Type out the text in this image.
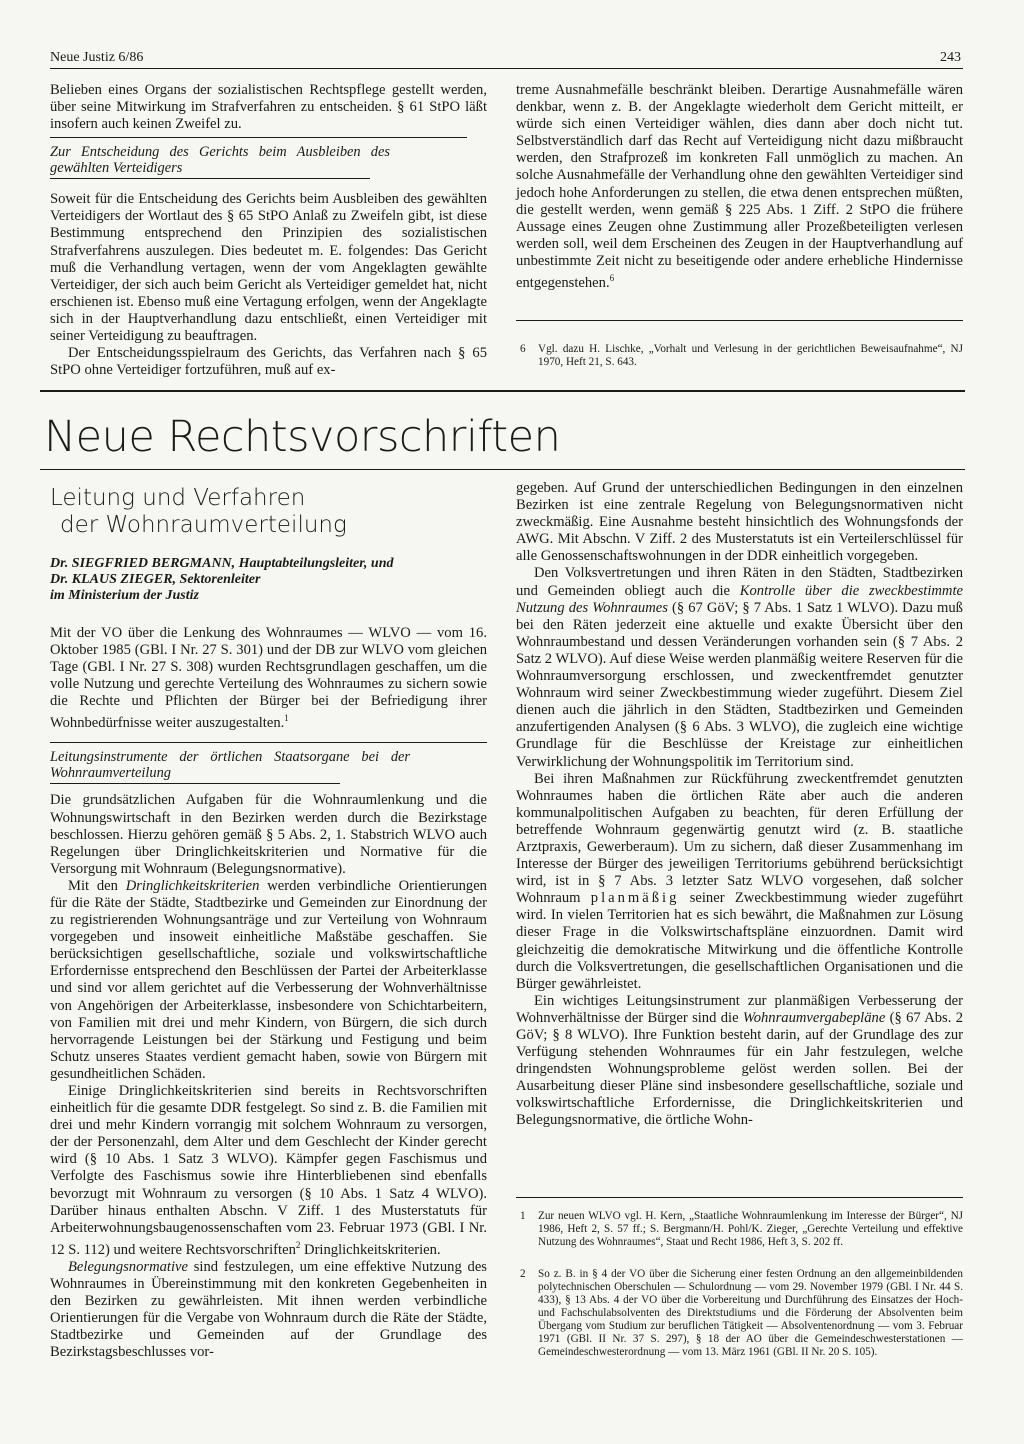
Neue Justiz 6/86	243

Belieben eines Organs der sozialistischen Rechtspflege gestellt werden, über seine Mitwirkung im Strafverfahren zu entscheiden. § 61 StPO läßt insofern auch keinen Zweifel zu.

Zur Entscheidung des Gerichts beim Ausbleiben des gewählten Verteidigers

Soweit für die Entscheidung des Gerichts beim Ausbleiben des gewählten Verteidigers der Wortlaut des § 65 StPO Anlaß zu Zweifeln gibt, ist diese Bestimmung entsprechend den Prinzipien des sozialistischen Strafverfahrens auszulegen. Dies bedeutet m. E. folgendes: Das Gericht muß die Verhandlung vertagen, wenn der vom Angeklagten gewählte Verteidiger, der sich auch beim Gericht als Verteidiger gemeldet hat, nicht erschienen ist. Ebenso muß eine Vertagung erfolgen, wenn der Angeklagte sich in der Hauptverhandlung dazu entschließt, einen Verteidiger mit seiner Verteidigung zu beauftragen.

Der Entscheidungsspielraum des Gerichts, das Verfahren nach § 65 StPO ohne Verteidiger fortzuführen, muß auf ex-

treme Ausnahmefälle beschränkt bleiben. Derartige Ausnahmefälle wären denkbar, wenn z. B. der Angeklagte wiederholt dem Gericht mitteilt, er würde sich einen Verteidiger wählen, dies dann aber doch nicht tut. Selbstverständlich darf das Recht auf Verteidigung nicht dazu mißbraucht werden, den Strafprozeß im konkreten Fall unmöglich zu machen. An solche Ausnahmefälle der Verhandlung ohne den gewählten Verteidiger sind jedoch hohe Anforderungen zu stellen, die etwa denen entsprechen müßten, die gestellt werden, wenn gemäß § 225 Abs. 1 Ziff. 2 StPO die frühere Aussage eines Zeugen ohne Zustimmung aller Prozeßbeteiligten verlesen werden soll, weil dem Erscheinen des Zeugen in der Hauptverhandlung auf unbestimmte Zeit nicht zu beseitigende oder andere erhebliche Hindernisse entgegenstehen.$^6$

6	Vgl. dazu H. Lischke, „Vorhalt und Verlesung in der gerichtlichen Beweisaufnahme“, NJ 1970, Heft 21, S. 643.
Neue Rechtsvorschriften
Leitung und Verfahren
der Wohnraumverteilung
Dr. SIEGFRIED BERGMANN, Hauptabteilungsleiter, und
Dr. KLAUS ZIEGER, Sektorenleiter
im Ministerium der Justiz

Mit der VO über die Lenkung des Wohnraumes — WLVO — vom 16. Oktober 1985 (GBl. I Nr. 27 S. 301) und der DB zur WLVO vom gleichen Tage (GBl. I Nr. 27 S. 308) wurden Rechtsgrundlagen geschaffen, um die volle Nutzung und gerechte Verteilung des Wohnraumes zu sichern sowie die Rechte und Pflichten der Bürger bei der Befriedigung ihrer Wohnbedürfnisse weiter auszugestalten.$^1$

Leitungsinstrumente der örtlichen Staatsorgane bei der Wohnraumverteilung

Die grundsätzlichen Aufgaben für die Wohnraumlenkung und die Wohnungswirtschaft in den Bezirken werden durch die Bezirkstage beschlossen. Hierzu gehören gemäß § 5 Abs. 2, 1. Stabstrich WLVO auch Regelungen über Dringlichkeitskriterien und Normative für die Versorgung mit Wohnraum (Belegungsnormative).

Mit den Dringlichkeitskriterien werden verbindliche Orientierungen für die Räte der Städte, Stadtbezirke und Gemeinden zur Einordnung der zu registrierenden Wohnungsanträge und zur Verteilung von Wohnraum vorgegeben und insoweit einheitliche Maßstäbe geschaffen. Sie berücksichtigen gesellschaftliche, soziale und volkswirtschaftliche Erfordernisse entsprechend den Beschlüssen der Partei der Arbeiterklasse und sind vor allem gerichtet auf die Verbesserung der Wohnverhältnisse von Angehörigen der Arbeiterklasse, insbesondere von Schichtarbeitern, von Familien mit drei und mehr Kindern, von Bürgern, die sich durch hervorragende Leistungen bei der Stärkung und Festigung und beim Schutz unseres Staates verdient gemacht haben, sowie von Bürgern mit gesundheitlichen Schäden.

Einige Dringlichkeitskriterien sind bereits in Rechtsvorschriften einheitlich für die gesamte DDR festgelegt. So sind z. B. die Familien mit drei und mehr Kindern vorrangig mit solchem Wohnraum zu versorgen, der der Personenzahl, dem Alter und dem Geschlecht der Kinder gerecht wird (§ 10 Abs. 1 Satz 3 WLVO). Kämpfer gegen Faschismus und Verfolgte des Faschismus sowie ihre Hinterbliebenen sind ebenfalls bevorzugt mit Wohnraum zu versorgen (§ 10 Abs. 1 Satz 4 WLVO). Darüber hinaus enthalten Abschn. V Ziff. 1 des Musterstatuts für Arbeiterwohnungsbaugenossenschaften vom 23. Februar 1973 (GBl. I Nr. 12 S. 112) und weitere Rechtsvorschriften$^2$ Dringlichkeitskriterien.

Belegungsnormative sind festzulegen, um eine effektive Nutzung des Wohnraumes in Übereinstimmung mit den konkreten Gegebenheiten in den Bezirken zu gewährleisten. Mit ihnen werden verbindliche Orientierungen für die Vergabe von Wohnraum durch die Räte der Städte, Stadtbezirke und Gemeinden auf der Grundlage des Bezirkstagsbeschlusses vor-

gegeben. Auf Grund der unterschiedlichen Bedingungen in den einzelnen Bezirken ist eine zentrale Regelung von Belegungsnormativen nicht zweckmäßig. Eine Ausnahme besteht hinsichtlich des Wohnungsfonds der AWG. Mit Abschn. V Ziff. 2 des Musterstatuts ist ein Verteilerschlüssel für alle Genossenschaftswohnungen in der DDR einheitlich vorgegeben.

Den Volksvertretungen und ihren Räten in den Städten, Stadtbezirken und Gemeinden obliegt auch die Kontrolle über die zweckbestimmte Nutzung des Wohnraumes (§ 67 GöV; § 7 Abs. 1 Satz 1 WLVO). Dazu muß bei den Räten jederzeit eine aktuelle und exakte Übersicht über den Wohnraumbestand und dessen Veränderungen vorhanden sein (§ 7 Abs. 2 Satz 2 WLVO). Auf diese Weise werden planmäßig weitere Reserven für die Wohnraumversorgung erschlossen, und zweckentfremdet genutzter Wohnraum wird seiner Zweckbestimmung wieder zugeführt. Diesem Ziel dienen auch die jährlich in den Städten, Stadtbezirken und Gemeinden anzufertigenden Analysen (§ 6 Abs. 3 WLVO), die zugleich eine wichtige Grundlage für die Beschlüsse der Kreistage zur einheitlichen Verwirklichung der Wohnungspolitik im Territorium sind.

Bei ihren Maßnahmen zur Rückführung zweckentfremdet genutzten Wohnraumes haben die örtlichen Räte aber auch die anderen kommunalpolitischen Aufgaben zu beachten, für deren Erfüllung der betreffende Wohnraum gegenwärtig genutzt wird (z. B. staatliche Arztpraxis, Gewerberaum). Um zu sichern, daß dieser Zusammenhang im Interesse der Bürger des jeweiligen Territoriums gebührend berücksichtigt wird, ist in § 7 Abs. 3 letzter Satz WLVO vorgesehen, daß solcher Wohnraum planmäßig seiner Zweckbestimmung wieder zugeführt wird. In vielen Territorien hat es sich bewährt, die Maßnahmen zur Lösung dieser Frage in die Volkswirtschaftspläne einzuordnen. Damit wird gleichzeitig die demokratische Mitwirkung und die öffentliche Kontrolle durch die Volksvertretungen, die gesellschaftlichen Organisationen und die Bürger gewährleistet.

Ein wichtiges Leitungsinstrument zur planmäßigen Verbesserung der Wohnverhältnisse der Bürger sind die Wohnraumvergabepläne (§ 67 Abs. 2 GöV; § 8 WLVO). Ihre Funktion besteht darin, auf der Grundlage des zur Verfügung stehenden Wohnraumes für ein Jahr festzulegen, welche dringendsten Wohnungsprobleme gelöst werden sollen. Bei der Ausarbeitung dieser Pläne sind insbesondere gesellschaftliche, soziale und volkswirtschaftliche Erfordernisse, die Dringlichkeitskriterien und Belegungsnormative, die örtliche Wohn-

1	Zur neuen WLVO vgl. H. Kern, „Staatliche Wohnraumlenkung im Interesse der Bürger“, NJ 1986, Heft 2, S. 57 ff.; S. Bergmann/H. Pohl/K. Zieger, „Gerechte Verteilung und effektive Nutzung des Wohnraumes“, Staat und Recht 1986, Heft 3, S. 202 ff.
2	So z. B. in § 4 der VO über die Sicherung einer festen Ordnung an den allgemeinbildenden polytechnischen Oberschulen — Schulordnung — vom 29. November 1979 (GBl. I Nr. 44 S. 433), § 13 Abs. 4 der VO über die Vorbereitung und Durchführung des Einsatzes der Hoch- und Fachschulabsolventen des Direktstudiums und die Förderung der Absolventen beim Übergang vom Studium zur beruflichen Tätigkeit — Absolventenordnung — vom 3. Februar 1971 (GBl. II Nr. 37 S. 297), § 18 der AO über die Gemeindeschwesterstationen — Gemeindeschwesterordnung — vom 13. März 1961 (GBl. II Nr. 20 S. 105).
